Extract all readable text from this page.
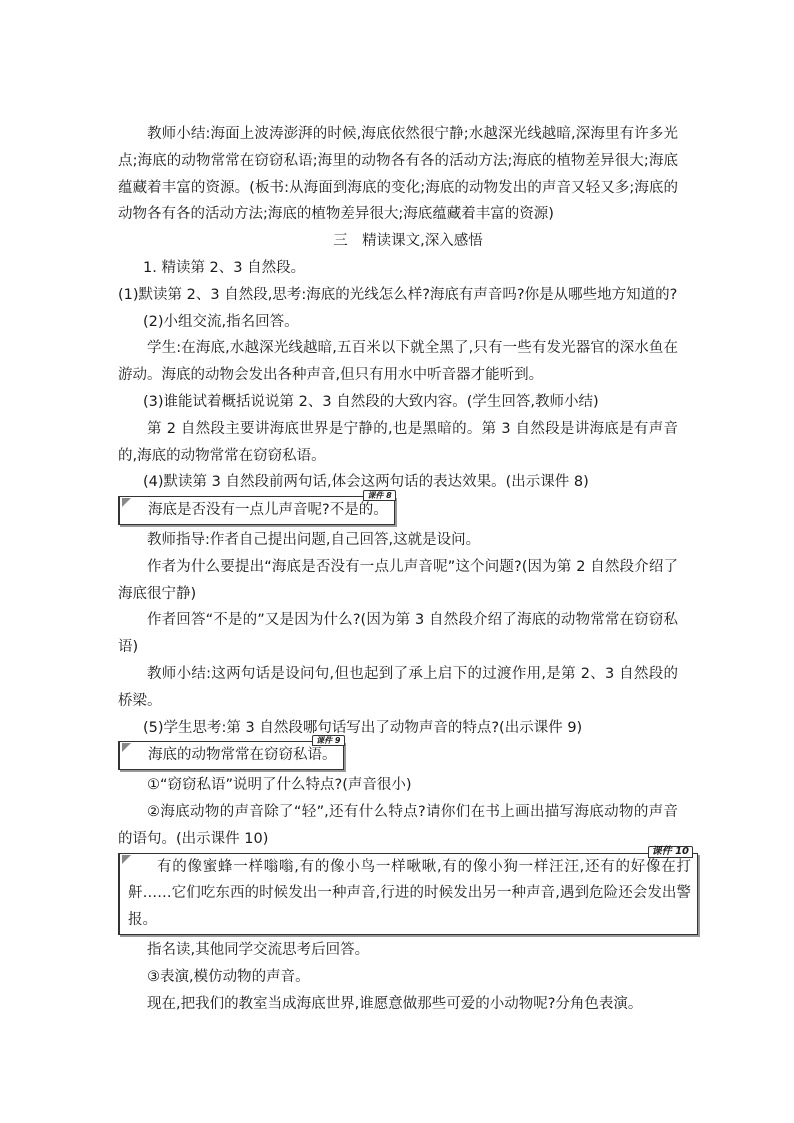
教师小结:海面上波涛澎湃的时候,海底依然很宁静;水越深光线越暗,深海里有许多光点;海底的动物常常在窃窃私语;海里的动物各有各的活动方法;海底的植物差异很大;海底蕴藏着丰富的资源。(板书:从海面到海底的变化;海底的动物发出的声音又轻又多;海底的动物各有各的活动方法;海底的植物差异很大;海底蕴藏着丰富的资源)

三　精读课文,深入感悟

1. 精读第 2、3 自然段。

(1)默读第 2、3 自然段,思考:海底的光线怎么样?海底有声音吗?你是从哪些地方知道的?

(2)小组交流,指名回答。

学生:在海底,水越深光线越暗,五百米以下就全黑了,只有一些有发光器官的深水鱼在游动。海底的动物会发出各种声音,但只有用水中听音器才能听到。

(3)谁能试着概括说说第 2、3 自然段的大致内容。(学生回答,教师小结)

第 2 自然段主要讲海底世界是宁静的,也是黑暗的。第 3 自然段是讲海底是有声音的,海底的动物常常在窃窃私语。

(4)默读第 3 自然段前两句话,体会这两句话的表达效果。(出示课件 8)

课件 8
海底是否没有一点儿声音呢?不是的。

教师指导:作者自己提出问题,自己回答,这就是设问。

作者为什么要提出“海底是否没有一点儿声音呢”这个问题?(因为第 2 自然段介绍了海底很宁静)

作者回答“不是的”又是因为什么?(因为第 3 自然段介绍了海底的动物常常在窃窃私语)

教师小结:这两句话是设问句,但也起到了承上启下的过渡作用,是第 2、3 自然段的桥梁。

(5)学生思考:第 3 自然段哪句话写出了动物声音的特点?(出示课件 9)

课件 9
海底的动物常常在窃窃私语。

①“窃窃私语”说明了什么特点?(声音很小)

②海底动物的声音除了“轻”,还有什么特点?请你们在书上画出描写海底动物的声音的语句。(出示课件 10)

课件 10

有的像蜜蜂一样嗡嗡,有的像小鸟一样啾啾,有的像小狗一样汪汪,还有的好像在打鼾……它们吃东西的时候发出一种声音,行进的时候发出另一种声音,遇到危险还会发出警报。

指名读,其他同学交流思考后回答。

③表演,模仿动物的声音。

现在,把我们的教室当成海底世界,谁愿意做那些可爱的小动物呢?分角色表演。
